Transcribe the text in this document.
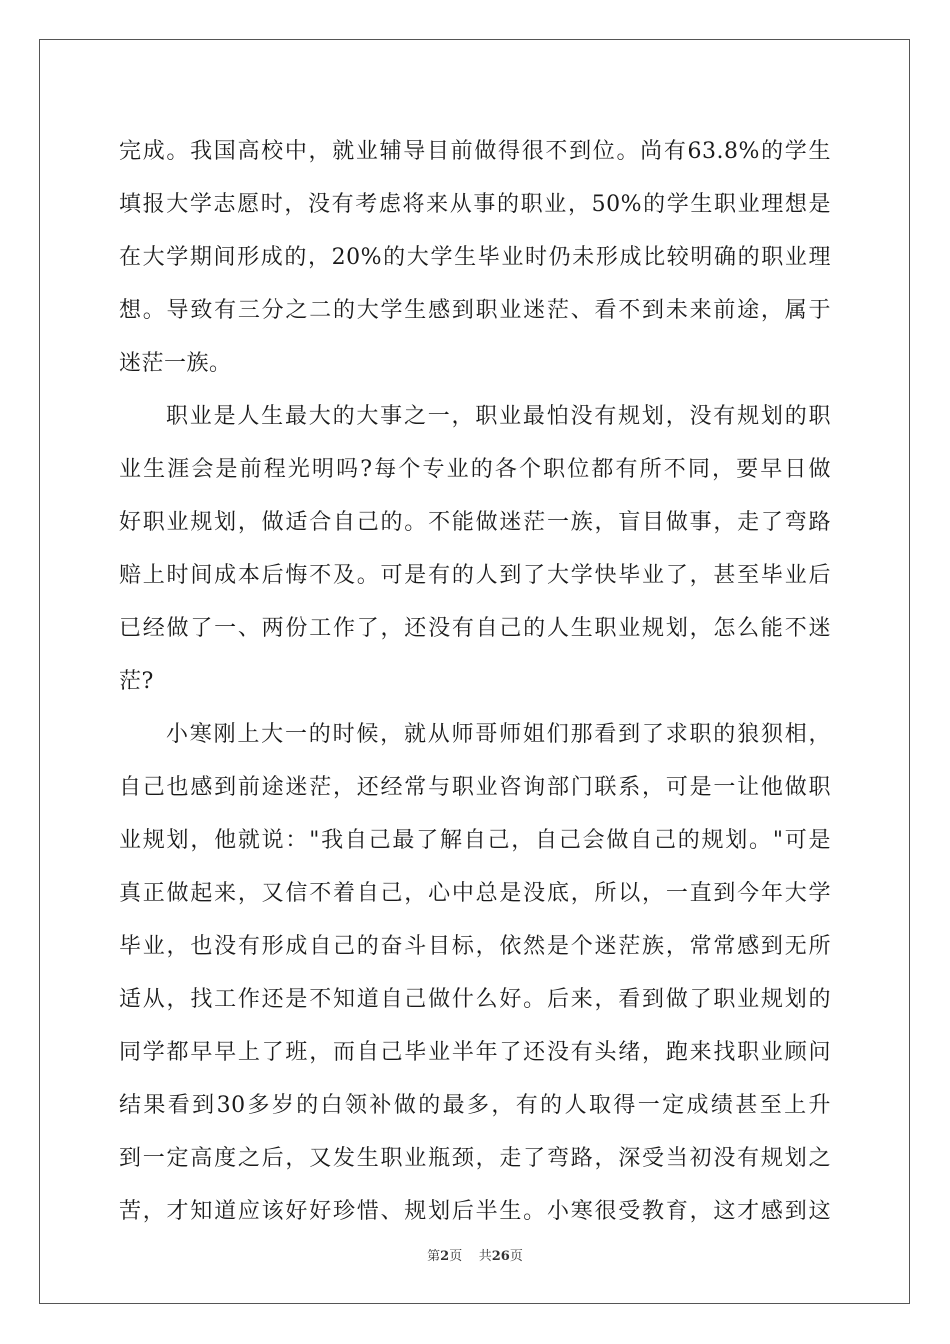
完成。我国高校中，就业辅导目前做得很不到位。尚有63.8%的学生
填报大学志愿时，没有考虑将来从事的职业，50%的学生职业理想是
在大学期间形成的，20%的大学生毕业时仍未形成比较明确的职业理
想。导致有三分之二的大学生感到职业迷茫、看不到未来前途，属于
迷茫一族。
职业是人生最大的大事之一，职业最怕没有规划，没有规划的职
业生涯会是前程光明吗?每个专业的各个职位都有所不同，要早日做
好职业规划，做适合自己的。不能做迷茫一族，盲目做事，走了弯路
赔上时间成本后悔不及。可是有的人到了大学快毕业了，甚至毕业后
已经做了一、两份工作了，还没有自己的人生职业规划，怎么能不迷
茫?
小寒刚上大一的时候，就从师哥师姐们那看到了求职的狼狈相，
自己也感到前途迷茫，还经常与职业咨询部门联系，可是一让他做职
业规划，他就说："我自己最了解自己，自己会做自己的规划。"可是
真正做起来，又信不着自己，心中总是没底，所以，一直到今年大学
毕业，也没有形成自己的奋斗目标，依然是个迷茫族，常常感到无所
适从，找工作还是不知道自己做什么好。后来，看到做了职业规划的
同学都早早上了班，而自己毕业半年了还没有头绪，跑来找职业顾问
结果看到30多岁的白领补做的最多，有的人取得一定成绩甚至上升
到一定高度之后，又发生职业瓶颈，走了弯路，深受当初没有规划之
苦，才知道应该好好珍惜、规划后半生。小寒很受教育，这才感到这
第2页 共26页
